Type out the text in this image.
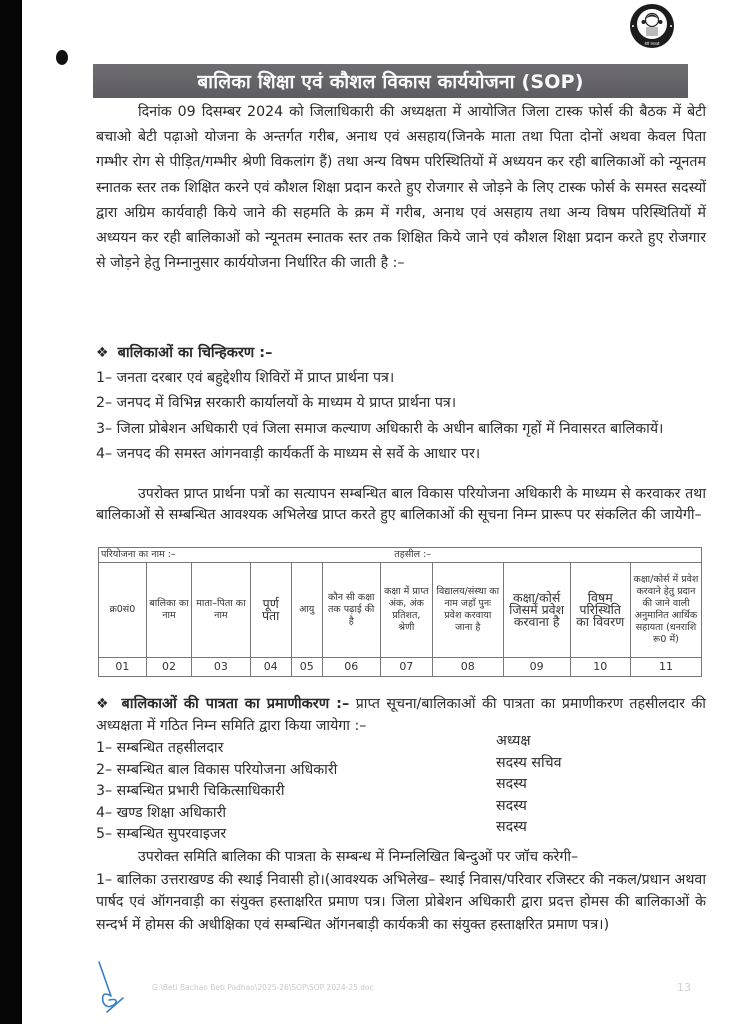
बेटी बचाओ
बालिका शिक्षा एवं कौशल विकास कार्ययोजना (SOP)

दिनांक 09 दिसम्बर 2024 को जिलाधिकारी की अध्यक्षता में आयोजित जिला टास्क फोर्स की बैठक में बेटी बचाओ बेटी पढ़ाओ योजना के अन्तर्गत गरीब, अनाथ एवं असहाय(जिनके माता तथा पिता दोनों अथवा केवल पिता गम्भीर रोग से पीड़ित/गम्भीर श्रेणी विकलांग हैं) तथा अन्य विषम परिस्थितियों में अध्ययन कर रही बालिकाओं को न्यूनतम स्नातक स्तर तक शिक्षित करने एवं कौशल शिक्षा प्रदान करते हुए रोजगार से जोड़ने के लिए टास्क फोर्स के समस्त सदस्यों द्वारा अग्रिम कार्यवाही किये जाने की सहमति के क्रम में गरीब, अनाथ एवं असहाय तथा अन्य विषम परिस्थितियों में अध्ययन कर रही बालिकाओं को न्यूनतम स्नातक स्तर तक शिक्षित किये जाने एवं कौशल शिक्षा प्रदान करते हुए रोजगार से जोड़ने हेतु निम्नानुसार कार्ययोजना निर्धारित की जाती है :–

❖ बालिकाओं का चिन्हिकरण :–

1– जनता दरबार एवं बहुद्देशीय शिविरों में प्राप्त प्रार्थना पत्र।

2– जनपद में विभिन्न सरकारी कार्यालयों के माध्यम ये प्राप्त प्रार्थना पत्र।

3– जिला प्रोबेशन अधिकारी एवं जिला समाज कल्याण अधिकारी के अधीन बालिका गृहों में निवासरत बालिकायें।

4– जनपद की समस्त आंगनवाड़ी कार्यकर्ती के माध्यम से सर्वे के आधार पर।

उपरोक्त प्राप्त प्रार्थना पत्रों का सत्यापन सम्बन्धित बाल विकास परियोजना अधिकारी के माध्यम से करवाकर तथा बालिकाओं से सम्बन्धित आवश्यक अभिलेख प्राप्त करते हुए बालिकाओं की सूचना निम्न प्रारूप पर संकलित की जायेगी–

परियोजना का नाम :–							तहसील :–			
क्र0सं0	बालिका का नाम	माता–पिता का नाम	पूर्ण पता	आयु	कौन सी कक्षा तक पढ़ाई की है	कक्षा में प्राप्त अंक, अंक प्रतिशत, श्रेणी	विद्यालय/संस्था का नाम जहाँ पुनः प्रवेश करवाया जाना है	कक्षा/कोर्स जिसमें प्रवेश करवाना है	विषम परिस्थिति का विवरण	कक्षा/कोर्स में प्रवेश करवाने हेतु प्रदान की जाने वाली अनुमानित आर्थिक सहायता (धनराशि रू0 में)
01	02	03	04	05	06	07	08	09	10	11

❖ बालिकाओं की पात्रता का प्रमाणीकरण :– प्राप्त सूचना/बालिकाओं की पात्रता का प्रमाणीकरण तहसीलदार की अध्यक्षता में गठित निम्न समिति द्वारा किया जायेगा :–

1– सम्बन्धित तहसीलदार	अध्यक्ष
2– सम्बन्धित बाल विकास परियोजना अधिकारी	सदस्य सचिव
3– सम्बन्धित प्रभारी चिकित्साधिकारी	सदस्य
4– खण्ड शिक्षा अधिकारी	सदस्य
5– सम्बन्धित सुपरवाइजर	सदस्य

उपरोक्त समिति बालिका की पात्रता के सम्बन्ध में निम्नलिखित बिन्दुओं पर जॉच करेगी–

1– बालिका उत्तराखण्ड की स्थाई निवासी हो।(आवश्यक अभिलेख– स्थाई निवास/परिवार रजिस्टर की नकल/प्रधान अथवा पार्षद एवं ऑगनवाड़ी का संयुक्त हस्ताक्षरित प्रमाण पत्र। जिला प्रोबेशन अधिकारी द्वारा प्रदत्त होमस की बालिकाओं के सन्दर्भ में होमस की अधीक्षिका एवं सम्बन्धित ऑगनबाड़ी कार्यकत्री का संयुक्त हस्ताक्षरित प्रमाण पत्र।)

G:\Beti Bachao Beti Padhao\2025-26\SOP\SOP 2024-25.doc	13
